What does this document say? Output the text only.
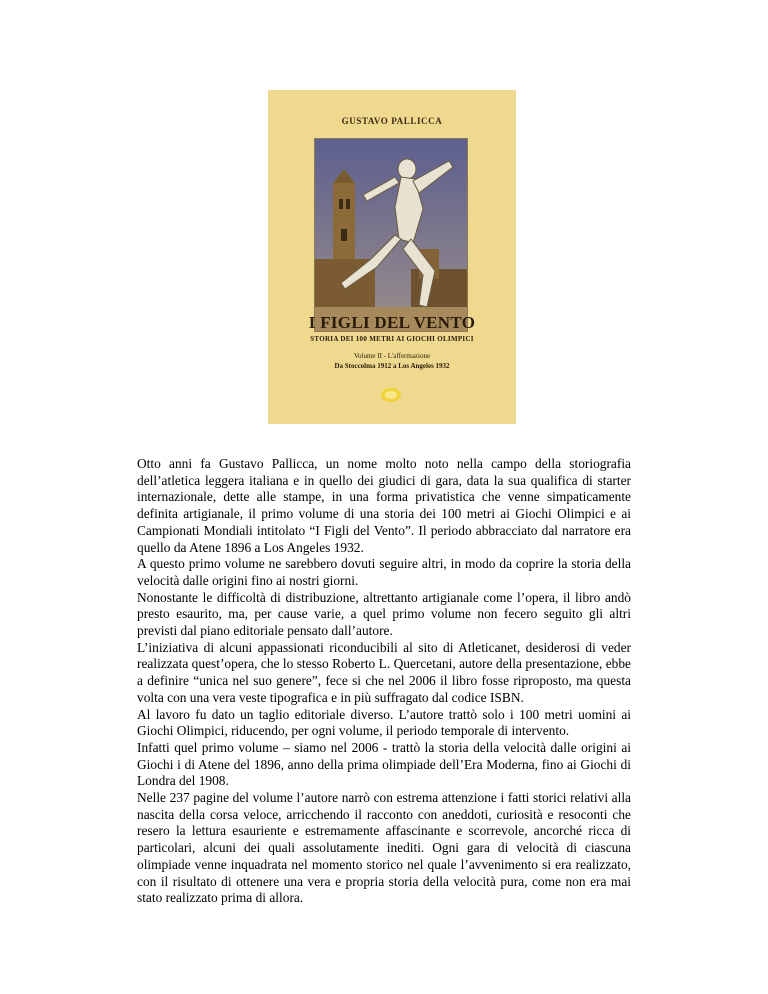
GUSTAVO PALLICCA
I FIGLI DEL VENTO
STORIA DEI 100 METRI AI GIOCHI OLIMPICI
Volume II - L'affermazione
Da Stoccolma 1912 a Los Angeles 1932

Otto anni fa Gustavo Pallicca, un nome molto noto nella campo della storiografia dell’atletica leggera italiana e in quello dei giudici di gara, data la sua qualifica di starter internazionale, dette alle stampe, in una forma privatistica che venne simpaticamente definita artigianale, il primo volume di una storia dei 100 metri ai Giochi Olimpici e ai Campionati Mondiali intitolato “I Figli del Vento”. Il periodo abbracciato dal narratore era quello da Atene 1896 a Los Angeles 1932.

A questo primo volume ne sarebbero dovuti seguire altri, in modo da coprire la storia della velocità dalle origini fino ai nostri giorni.

Nonostante le difficoltà di distribuzione, altrettanto artigianale come l’opera, il libro andò presto esaurito, ma, per cause varie, a quel primo volume non fecero seguito gli altri previsti dal piano editoriale pensato dall’autore.

L’iniziativa di alcuni appassionati riconducibili al sito di Atleticanet, desiderosi di veder realizzata quest’opera, che lo stesso Roberto L. Quercetani, autore della presentazione, ebbe a definire “unica nel suo genere”, fece si che nel 2006 il libro fosse riproposto, ma questa volta con una vera veste tipografica e in più suffragato dal codice ISBN.

Al lavoro fu dato un taglio editoriale diverso. L’autore trattò solo i 100 metri uomini ai Giochi Olimpici, riducendo, per ogni volume, il periodo temporale di intervento.

Infatti quel primo volume – siamo nel 2006 - trattò la storia della velocità dalle origini ai Giochi i di Atene del 1896, anno della prima olimpiade dell’Era Moderna, fino ai Giochi di Londra del 1908.

Nelle 237 pagine del volume l’autore narrò con estrema attenzione i fatti storici relativi alla nascita della corsa veloce, arricchendo il racconto con aneddoti, curiosità e resoconti che resero la lettura esauriente e estremamente affascinante e scorrevole, ancorché ricca di particolari, alcuni dei quali assolutamente inediti. Ogni gara di velocità di ciascuna olimpiade venne inquadrata nel momento storico nel quale l’avvenimento si era realizzato, con il risultato di ottenere una vera e propria storia della velocità pura, come non era mai stato realizzato prima di allora.
